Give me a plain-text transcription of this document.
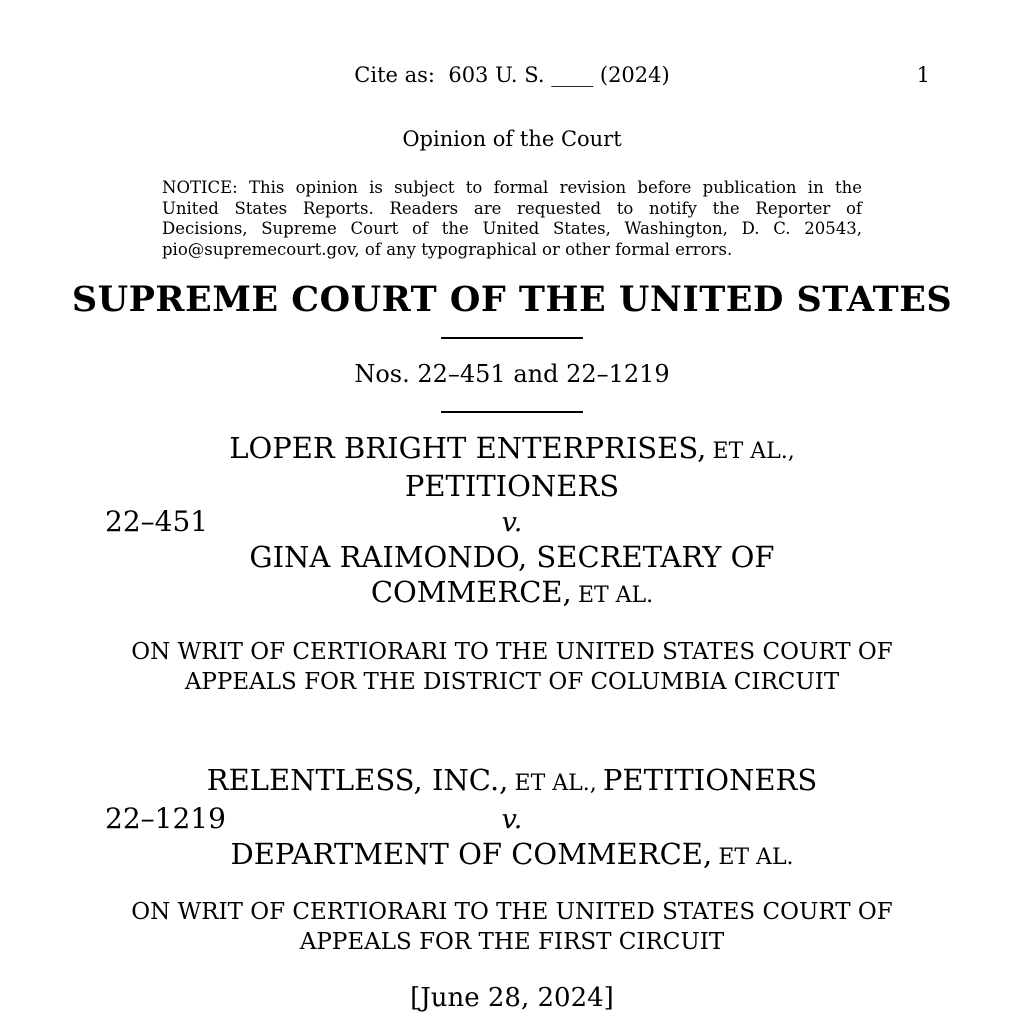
Cite as:  603 U. S. ____ (2024)	1
Opinion of the Court
NOTICE: This opinion is subject to formal revision before publication in the
United States Reports. Readers are requested to notify the Reporter of
Decisions, Supreme Court of the United States, Washington, D. C. 20543,
pio@supremecourt.gov, of any typographical or other formal errors.
SUPREME COURT OF THE UNITED STATES
Nos. 22–451 and 22–1219
LOPER BRIGHT ENTERPRISES, ET AL.,
PETITIONERS
22–451	v.
GINA RAIMONDO, SECRETARY OF
COMMERCE, ET AL.
ON WRIT OF CERTIORARI TO THE UNITED STATES COURT OF
APPEALS FOR THE DISTRICT OF COLUMBIA CIRCUIT
RELENTLESS, INC., ET AL., PETITIONERS
22–1219	v.
DEPARTMENT OF COMMERCE, ET AL.
ON WRIT OF CERTIORARI TO THE UNITED STATES COURT OF
APPEALS FOR THE FIRST CIRCUIT
[June 28, 2024]
